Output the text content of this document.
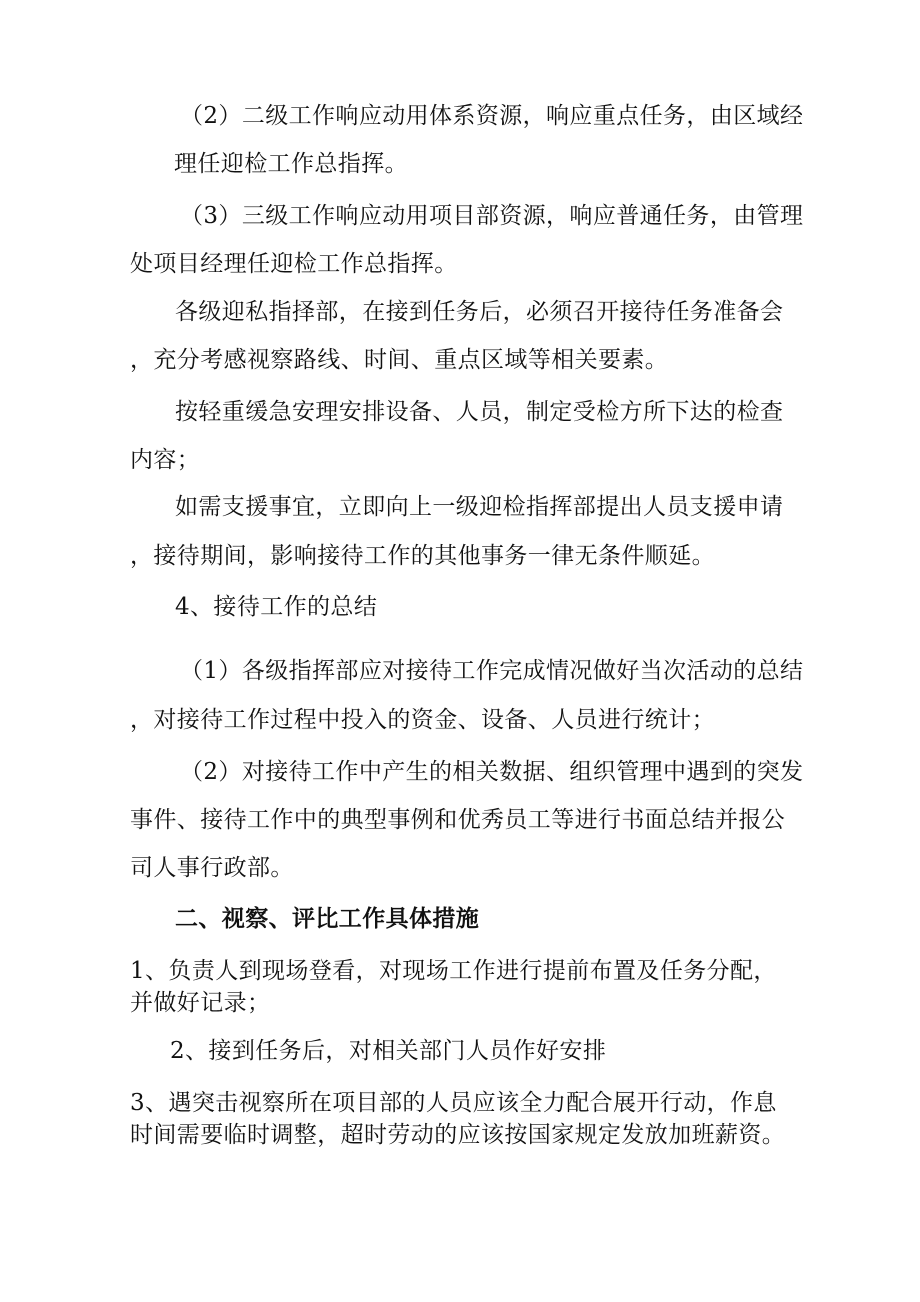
（2）二级工作响应动用体系资源，响应重点任务，由区域经
理任迎检工作总指挥。
（3）三级工作响应动用项目部资源，响应普通任务，由管理
处项目经理任迎检工作总指挥。
各级迎私指择部，在接到任务后，必须召开接待任务准备会
，充分考感视察路线、时间、重点区域等相关要素。
按轻重缓急安理安排设备、人员，制定受检方所下达的检查
内容；
如需支援事宜，立即向上一级迎检指挥部提出人员支援申请
，接待期间，影响接待工作的其他事务一律无条件顺延。
4、接待工作的总结
（1）各级指挥部应对接待工作完成情况做好当次活动的总结
，对接待工作过程中投入的资金、设备、人员进行统计；
（2）对接待工作中产生的相关数据、组织管理中遇到的突发
事件、接待工作中的典型事例和优秀员工等进行书面总结并报公
司人事行政部。
二、视察、评比工作具体措施
1、负责人到现场登看，对现场工作进行提前布置及任务分配，
并做好记录；
2、接到任务后，对相关部门人员作好安排
3、遇突击视察所在项目部的人员应该全力配合展开行动，作息
时间需要临时调整，超时劳动的应该按国家规定发放加班薪资。
